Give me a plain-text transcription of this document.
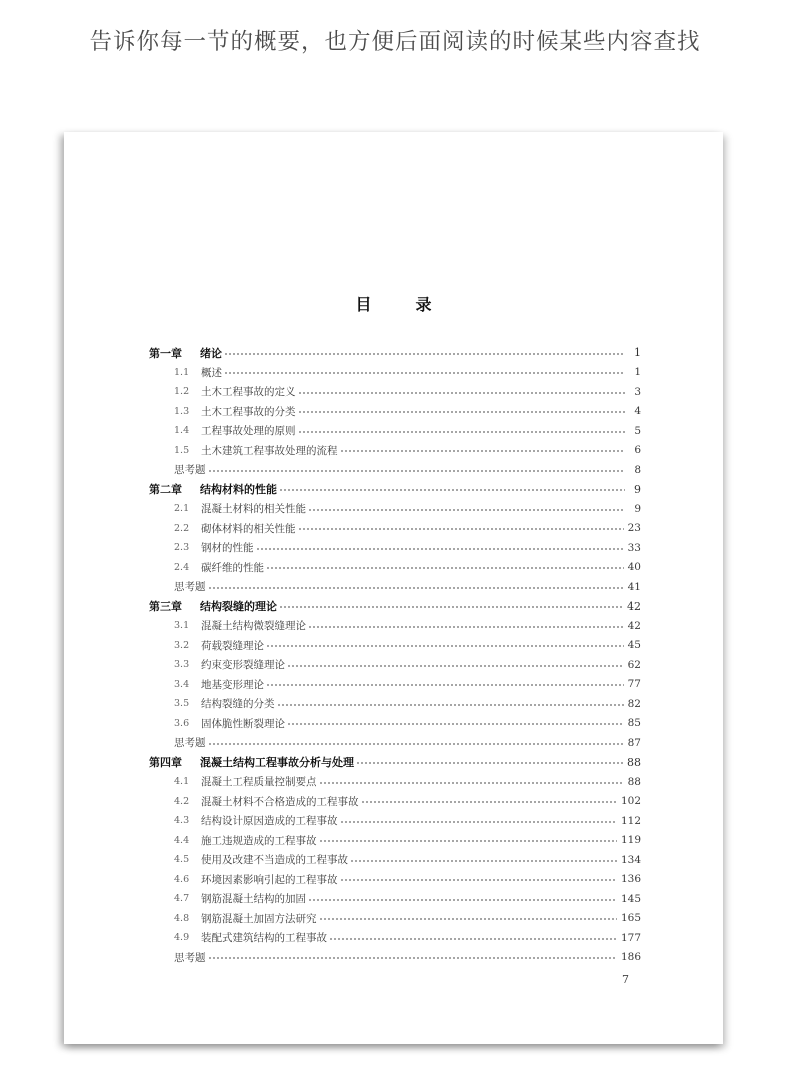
告诉你每一节的概要，也方便后面阅读的时候某些内容查找
目	录
第一章	绪论	1
1.1	概述	1
1.2	土木工程事故的定义	3
1.3	土木工程事故的分类	4
1.4	工程事故处理的原则	5
1.5	土木建筑工程事故处理的流程	6
思考题	8
第二章	结构材料的性能	9
2.1	混凝土材料的相关性能	9
2.2	砌体材料的相关性能	23
2.3	钢材的性能	33
2.4	碳纤维的性能	40
思考题	41
第三章	结构裂缝的理论	42
3.1	混凝土结构微裂缝理论	42
3.2	荷载裂缝理论	45
3.3	约束变形裂缝理论	62
3.4	地基变形理论	77
3.5	结构裂缝的分类	82
3.6	固体脆性断裂理论	85
思考题	87
第四章	混凝土结构工程事故分析与处理	88
4.1	混凝土工程质量控制要点	88
4.2	混凝土材料不合格造成的工程事故	102
4.3	结构设计原因造成的工程事故	112
4.4	施工违规造成的工程事故	119
4.5	使用及改建不当造成的工程事故	134
4.6	环境因素影响引起的工程事故	136
4.7	钢筋混凝土结构的加固	145
4.8	钢筋混凝土加固方法研究	165
4.9	装配式建筑结构的工程事故	177
思考题	186
7
